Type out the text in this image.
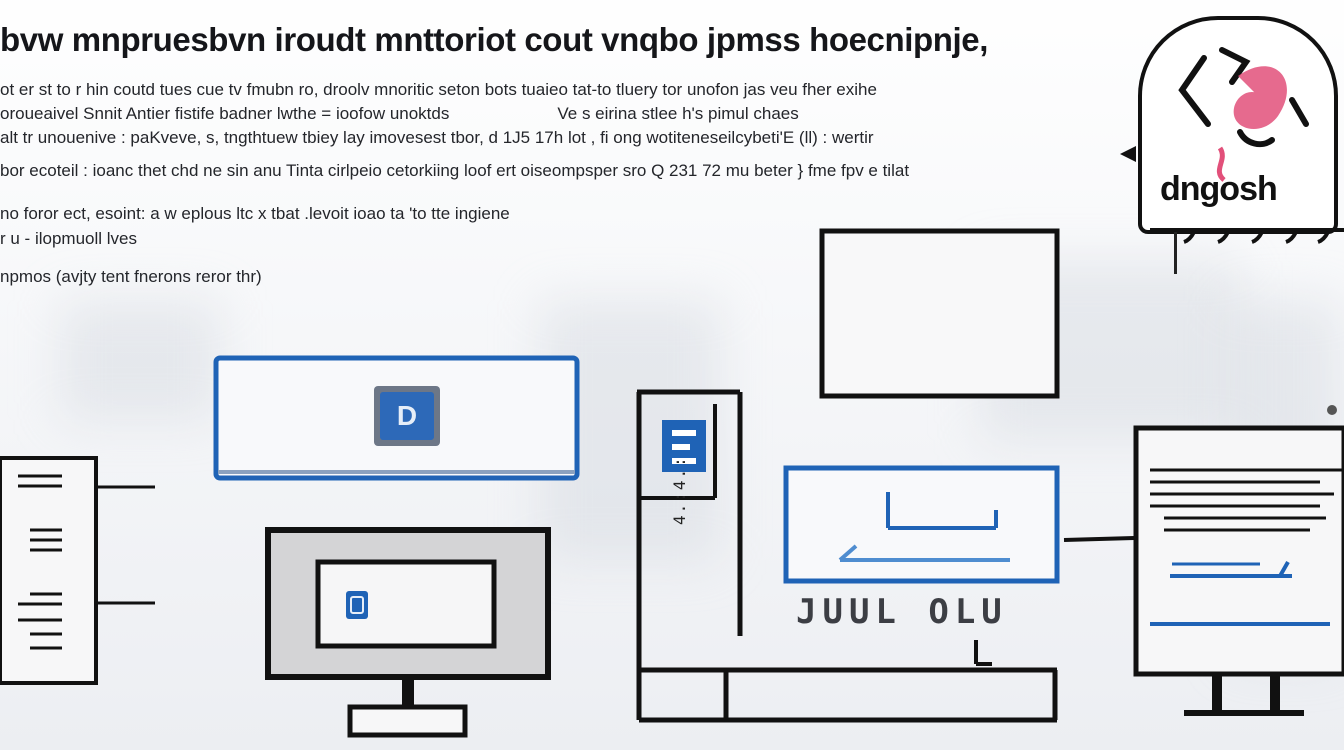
bvw mnpruesbvn iroudt mnttoriot cout vnqbo jpmss hoecnipnje,
ot er st to r hin coutd tues cue tv fmubn ro, droolv mnoritic seton bots tuaieo tat-to tluery tor unofon jas veu fher exihe
oroueaivel Snnit Antier fistife badner lwthe = ioofow unoktds	Ve s eirina stlee h's pimul chaes
alt tr unouenive : paKveve, s, tngthtuew tbiey lay imovesest tbor, d 1J5 17h lot , fi ong wotiteneseilcybeti'E (ll) : wertir
bor ecoteil : ioanc thet chd ne sin anu Tinta cirlpeio cetorkiing loof ert oiseompsper sro Q 231 72 mu beter } fme fpv e tilat
no foror ect, esoint: a w eplous ltc x tbat .levoit ioao ta 'to tte ingiene
r u - ilopmuoll lves
npmos (avjty tent fnerons reror thr)
dngosh
D
4.:4.:
JUUL OLU
